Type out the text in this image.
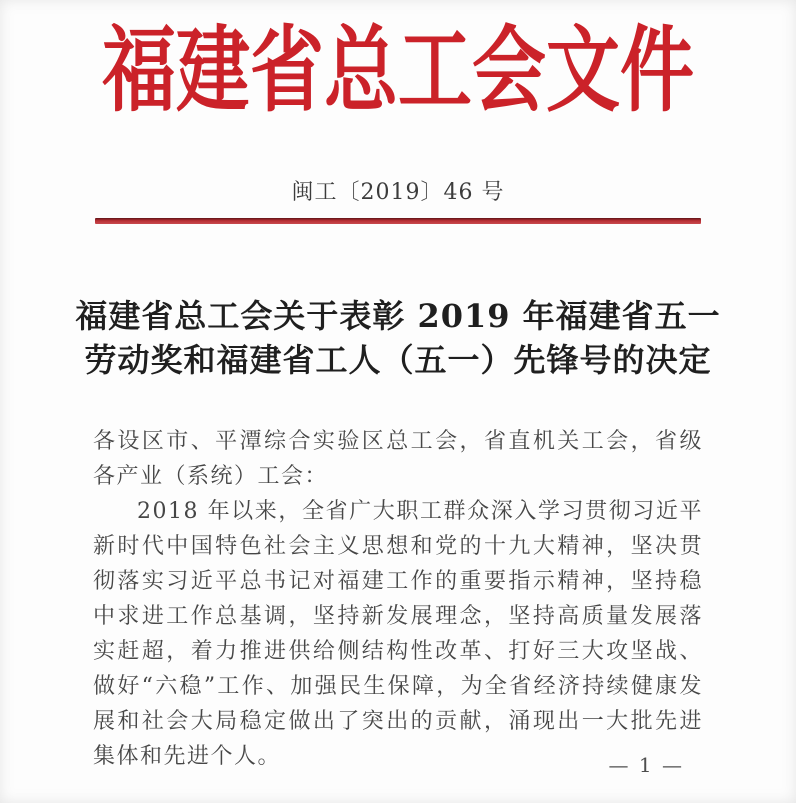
福建省总工会文件
闽工〔2019〕46 号
福建省总工会关于表彰 2019 年福建省五一
劳动奖和福建省工人（五一）先锋号的决定

各设区市、平潭综合实验区总工会，省直机关工会，省级各产业（系统）工会：

2018 年以来，全省广大职工群众深入学习贯彻习近平新时代中国特色社会主义思想和党的十九大精神，坚决贯彻落实习近平总书记对福建工作的重要指示精神，坚持稳中求进工作总基调，坚持新发展理念，坚持高质量发展落实赶超，着力推进供给侧结构性改革、打好三大攻坚战、做好“六稳”工作、加强民生保障，为全省经济持续健康发展和社会大局稳定做出了突出的贡献，涌现出一大批先进集体和先进个人。	— 1 —
